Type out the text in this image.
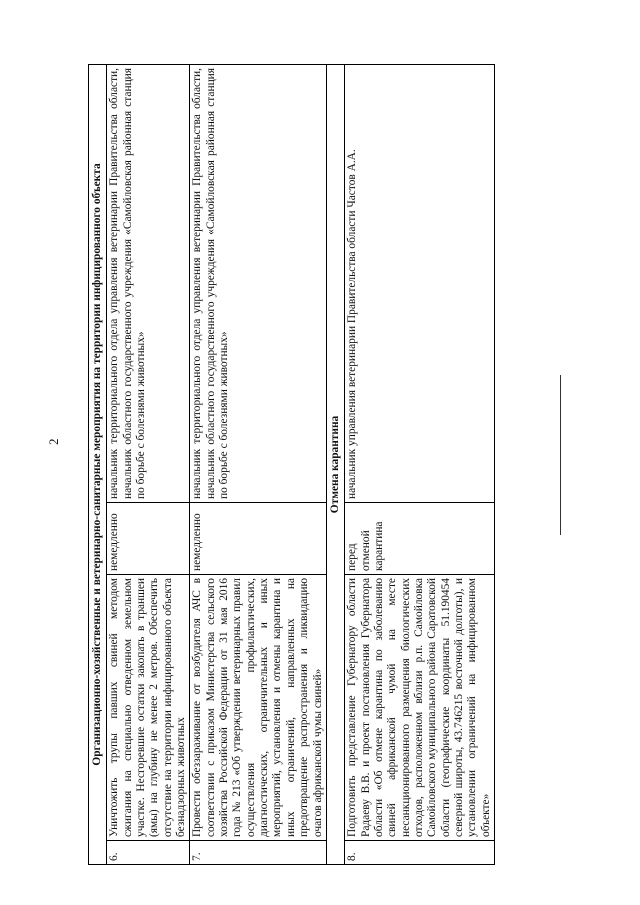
2	Организационно-хозяйственные и ветеринарно-санитарные мероприятия на территории инфицированного объекта			
6.	Уничтожить трупы павших свиней методом сжигания на специально отведенном земельном участке. Несгоревшие остатки закопать в траншеи (ямы) на глубину не менее 2 метров. Обеспечить отсутствие на территории инфицированного объекта безнадзорных животных	немедленно	начальник территориального отдела управления ветеринарии Правительства области, начальник областного государственного учреждения «Самойловская районная станция по борьбе с болезнями животных»
7.	Провести обеззараживание от возбудителя АЧС в соответствии с приказом Министерства сельского хозяйства Российской Федерации от 31 мая 2016 года № 213 «Об утверждении ветеринарных правил осуществления профилактических, диагностических, ограничительных и иных мероприятий, установления и отмены карантина и иных ограничений, направленных на предотвращение распространения и ликвидацию очагов африканской чумы свиней»	немедленно	начальник территориального отдела управления ветеринарии Правительства области, начальник областного государственного учреждения «Самойловская районная станция по борьбе с болезнями животных»
Отмена карантина			
8.	Подготовить представление Губернатору области Радаеву В.В. и проект постановления Губернатора области «Об отмене карантина по заболеванию свиней африканской чумой на месте несанкционированного размещения биологических отходов, расположенном вблизи р.п. Самойловка Самойловского муниципального района Саратовской области (географические координаты 51.190454 северной широты, 43.746215 восточной долготы), и установлении ограничений на инфицированном объекте»	перед отменой карантина	начальник управления ветеринарии Правительства области Частов А.А.
